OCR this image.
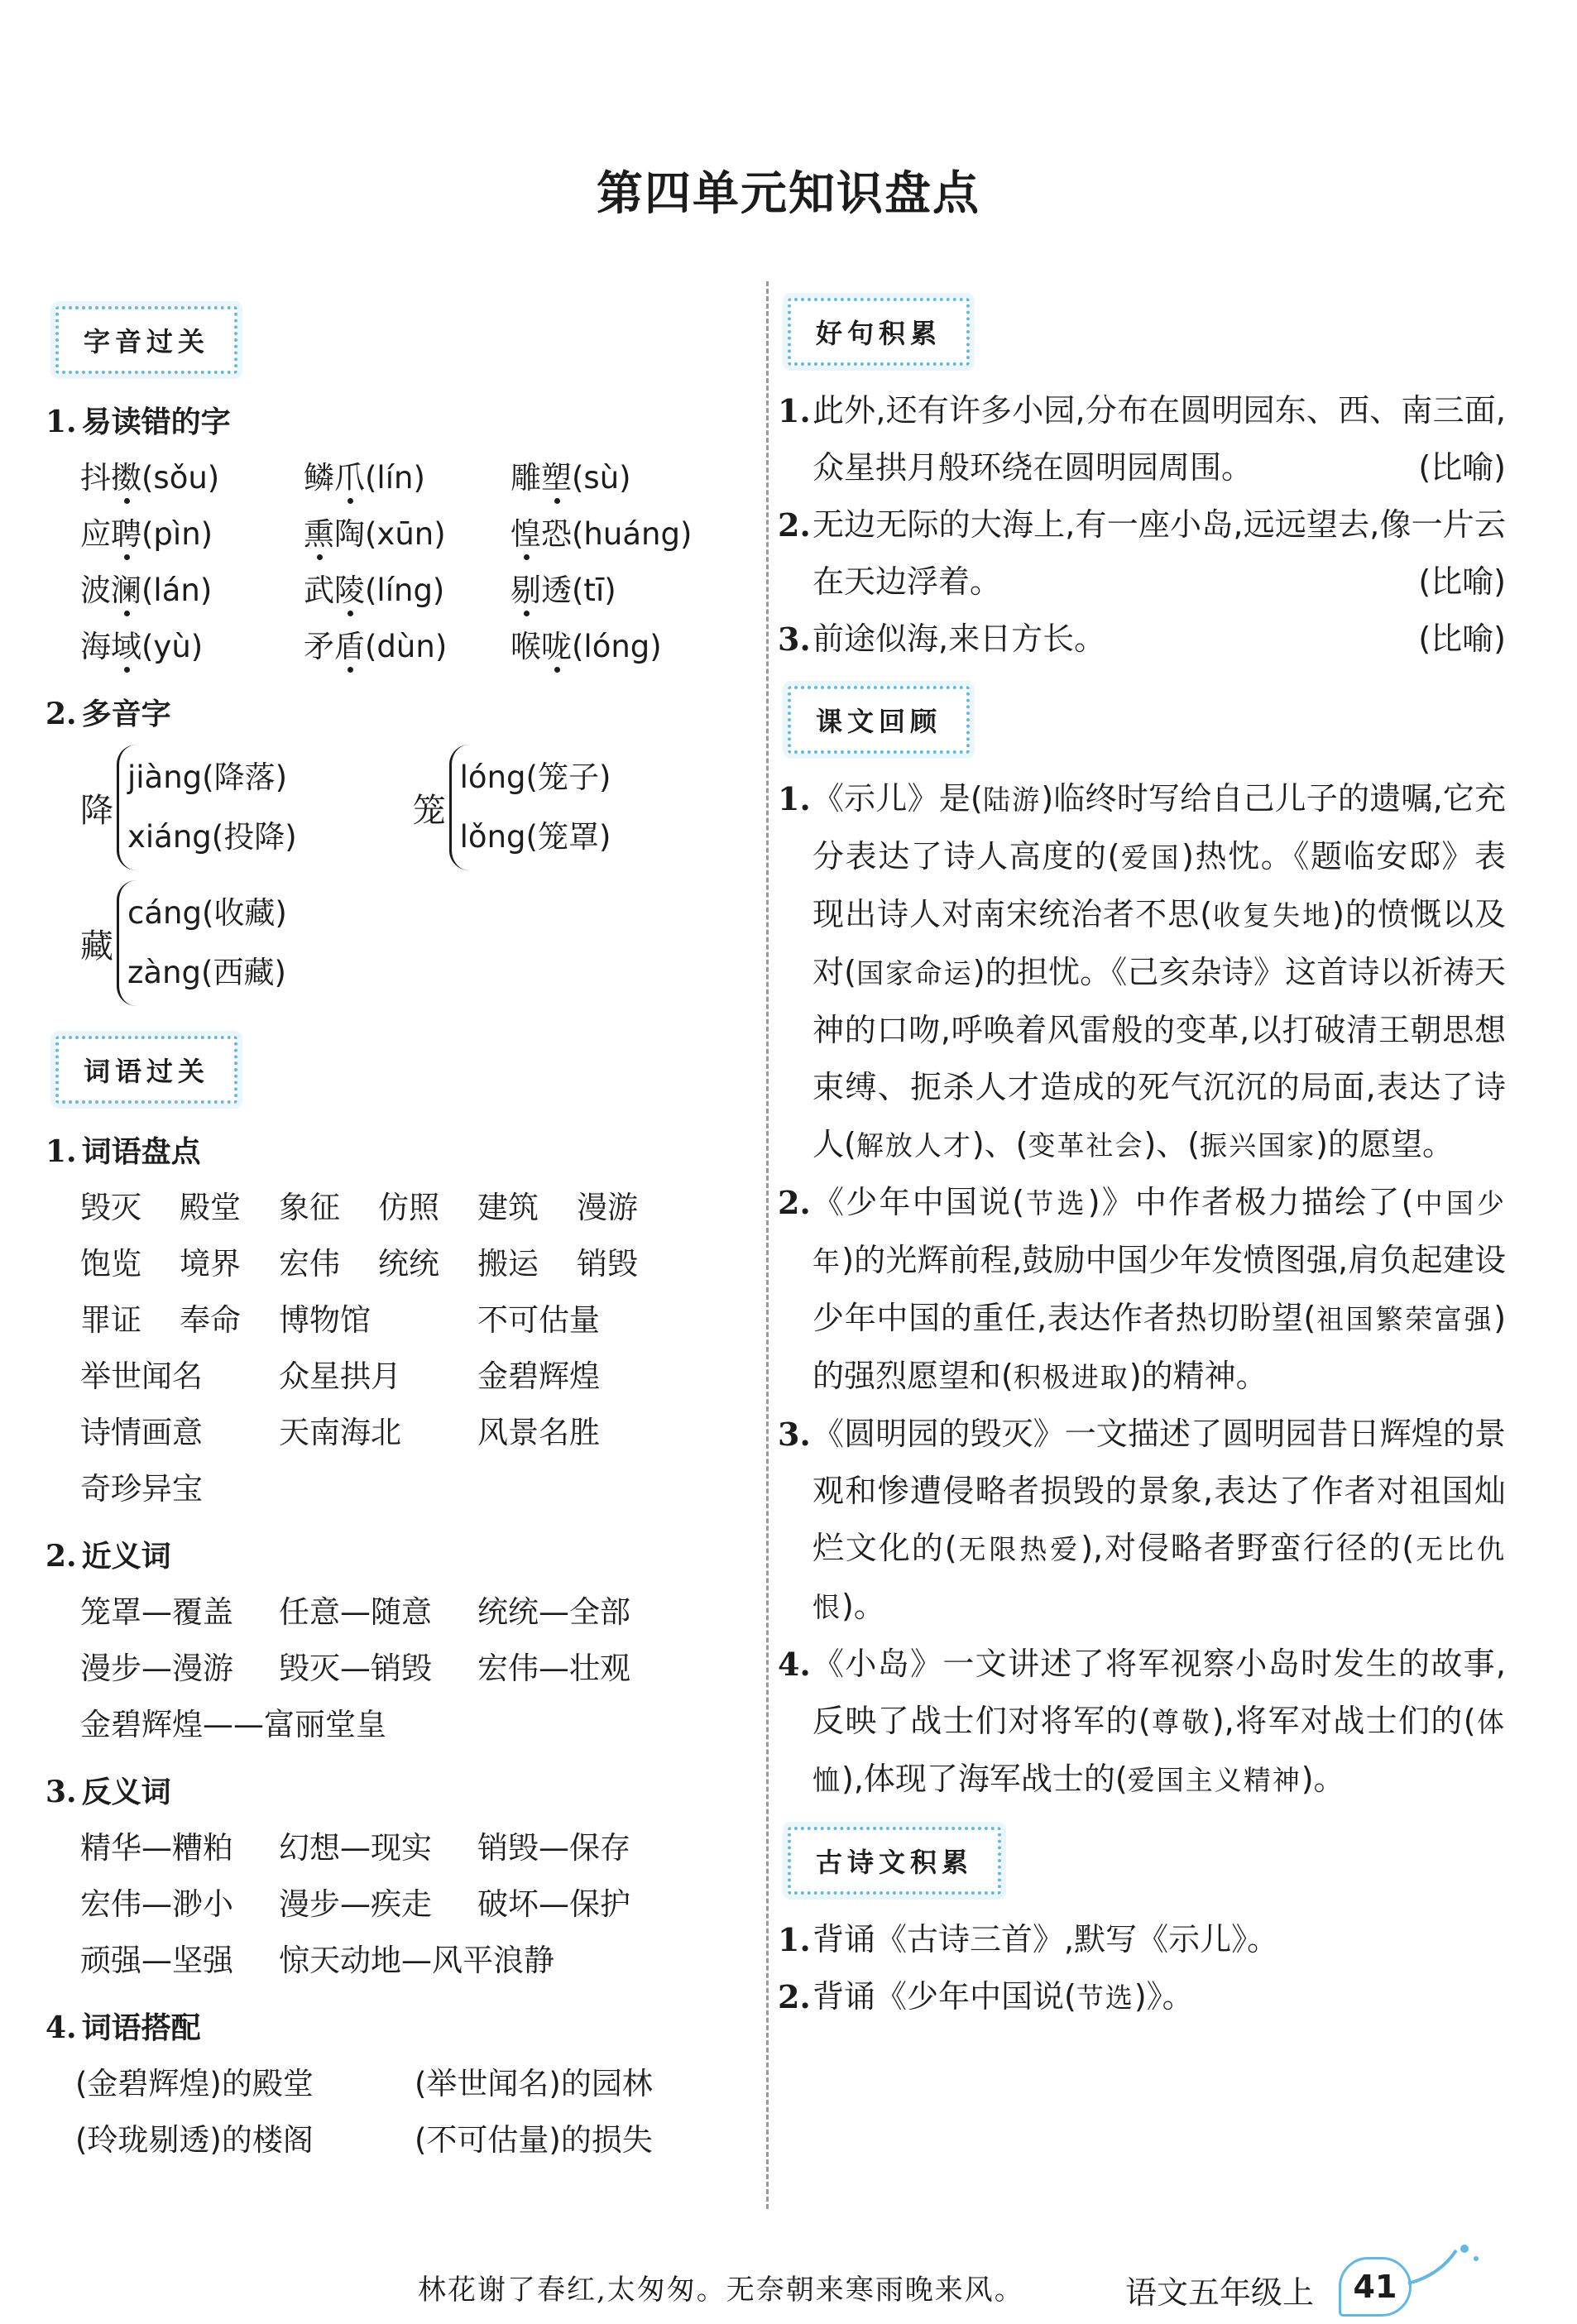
第四单元知识盘点
字音过关
1. 易读错的字
抖擞(sǒu)	鳞爪(lín)	雕塑(sù)
应聘(pìn)	熏陶(xūn)	惶恐(huáng)
波澜(lán)	武陵(líng)	剔透(tī)
海域(yù)	矛盾(dùn)	喉咙(lóng)
2. 多音字
降
jiàng(降落)
xiáng(投降)
笼
lóng(笼子)
lǒng(笼罩)
藏
cáng(收藏)
zàng(西藏)
词语过关
1. 词语盘点
毁灭	殿堂	象征	仿照	建筑	漫游
饱览	境界	宏伟	统统	搬运	销毁
罪证	奉命	博物馆	不可估量
举世闻名	众星拱月	金碧辉煌
诗情画意	天南海北	风景名胜
奇珍异宝
2. 近义词
笼罩—覆盖	任意—随意	统统—全部
漫步—漫游	毁灭—销毁	宏伟—壮观
金碧辉煌——富丽堂皇
3. 反义词
精华—糟粕	幻想—现实	销毁—保存
宏伟—渺小	漫步—疾走	破坏—保护
顽强—坚强	惊天动地—风平浪静
4. 词语搭配
(金碧辉煌)的殿堂	(举世闻名)的园林
(玲珑剔透)的楼阁	(不可估量)的损失
好句积累
1. 此外,还有许多小园,分布在圆明园东、西、南三面,众星拱月般环绕在圆明园周围。	(比喻)
2. 无边无际的大海上,有一座小岛,远远望去,像一片云在天边浮着。	(比喻)
3. 前途似海,来日方长。	(比喻)
课文回顾
1. 《示儿》是(陆游)临终时写给自己儿子的遗嘱,它充分表达了诗人高度的(爱国)热忱。《题临安邸》表现出诗人对南宋统治者不思(收复失地)的愤慨以及对(国家命运)的担忧。《己亥杂诗》这首诗以祈祷天神的口吻,呼唤着风雷般的变革,以打破清王朝思想束缚、扼杀人才造成的死气沉沉的局面,表达了诗人(解放人才)、(变革社会)、(振兴国家)的愿望。
2. 《少年中国说(节选)》中作者极力描绘了(中国少年)的光辉前程,鼓励中国少年发愤图强,肩负起建设少年中国的重任,表达作者热切盼望(祖国繁荣富强)的强烈愿望和(积极进取)的精神。
3. 《圆明园的毁灭》一文描述了圆明园昔日辉煌的景观和惨遭侵略者损毁的景象,表达了作者对祖国灿烂文化的(无限热爱),对侵略者野蛮行径的(无比仇恨)。
4. 《小岛》一文讲述了将军视察小岛时发生的故事,反映了战士们对将军的(尊敬),将军对战士们的(体恤),体现了海军战士的(爱国主义精神)。
古诗文积累
1. 背诵《古诗三首》,默写《示儿》。
2. 背诵《少年中国说(节选)》。
林花谢了春红,太匆匆。无奈朝来寒雨晚来风。	语文五年级上	41
